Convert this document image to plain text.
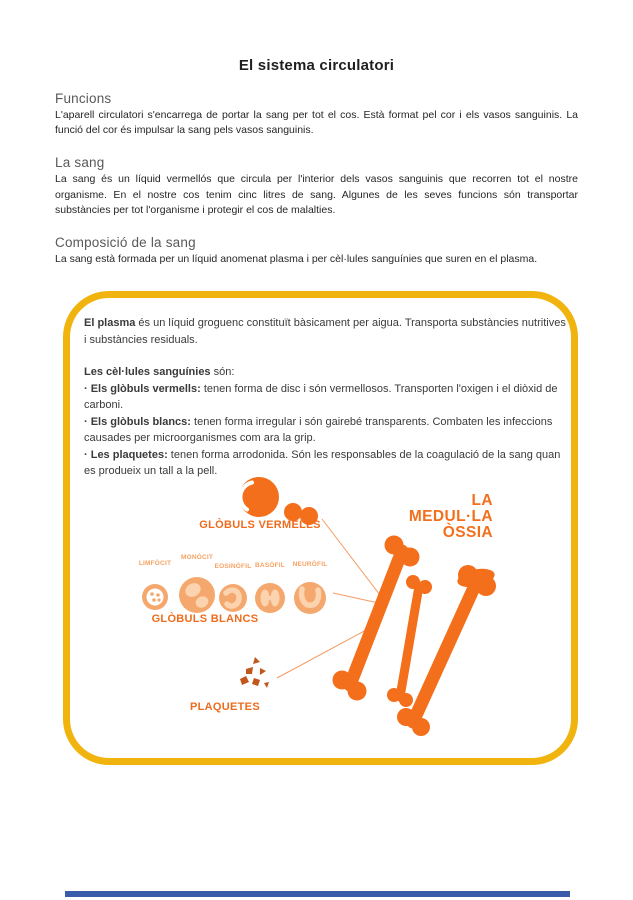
El sistema circulatori
Funcions

L'aparell circulatori s'encarrega de portar la sang per tot el cos. Està format pel cor i els vasos sanguinis. La funció del cor és impulsar la sang pels vasos sanguinis.

La sang

La sang és un líquid vermellós que circula per l'interior dels vasos sanguinis que recorren tot el nostre organisme. En el nostre cos tenim cinc litres de sang. Algunes de les seves funcions són transportar substàncies per tot l'organisme i protegir el cos de malalties.

Composició de la sang

La sang està formada per un líquid anomenat plasma i per cèl·lules sanguínies que suren en el plasma.

El plasma és un líquid groguenc constituït bàsicament per aigua. Transporta substàncies nutritives i substàncies residuals.

Les cèl·lules sanguínies són:
· Els glòbuls vermells: tenen forma de disc i són vermellosos. Transporten l'oxigen i el diòxid de carboni.
· Els glòbuls blancs: tenen forma irregular i són gairebé transparents. Combaten les infeccions causades per microorganismes com ara la grip.
· Les plaquetes: tenen forma arrodonida. Són les responsables de la coagulació de la sang quan es produeix un tall a la pell.
GLÒBULS VERMELLS
LIMFÒCIT
MONÒCIT
EOSINÒFIL BASÒFIL NEURÒFIL
GLÒBULS BLANCS
PLAQUETES
LA
MEDUL·LA
ÒSSIA
